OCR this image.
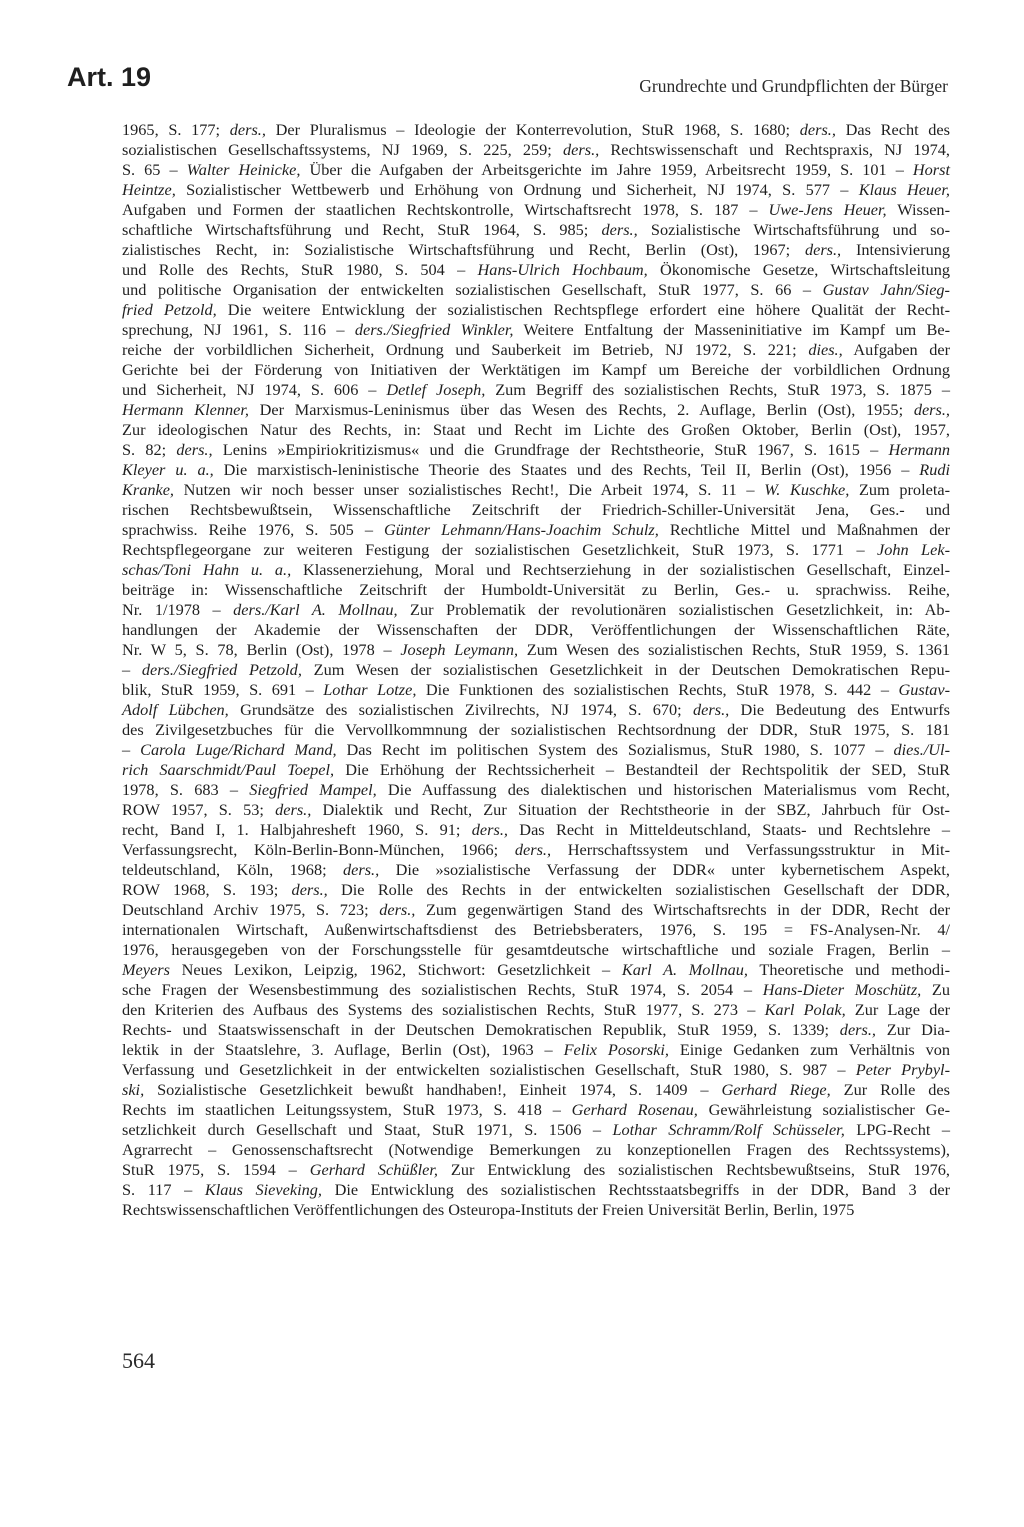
Art. 19	Grundrechte und Grundpflichten der Bürger
1965, S. 177; ders., Der Pluralismus – Ideologie der Konterrevolution, StuR 1968, S. 1680; ders., Das Recht des
sozialistischen Gesellschaftssystems, NJ 1969, S. 225, 259; ders., Rechtswissenschaft und Rechtspraxis, NJ 1974,
S. 65 – Walter Heinicke, Über die Aufgaben der Arbeitsgerichte im Jahre 1959, Arbeitsrecht 1959, S. 101 – Horst
Heintze, Sozialistischer Wettbewerb und Erhöhung von Ordnung und Sicherheit, NJ 1974, S. 577 – Klaus Heuer,
Aufgaben und Formen der staatlichen Rechtskontrolle, Wirtschaftsrecht 1978, S. 187 – Uwe-Jens Heuer, Wissen-
schaftliche Wirtschaftsführung und Recht, StuR 1964, S. 985; ders., Sozialistische Wirtschaftsführung und so-
zialistisches Recht, in: Sozialistische Wirtschaftsführung und Recht, Berlin (Ost), 1967; ders., Intensivierung
und Rolle des Rechts, StuR 1980, S. 504 – Hans-Ulrich Hochbaum, Ökonomische Gesetze, Wirtschaftsleitung
und politische Organisation der entwickelten sozialistischen Gesellschaft, StuR 1977, S. 66 – Gustav Jahn/Sieg-
fried Petzold, Die weitere Entwicklung der sozialistischen Rechtspflege erfordert eine höhere Qualität der Recht-
sprechung, NJ 1961, S. 116 – ders./Siegfried Winkler, Weitere Entfaltung der Masseninitiative im Kampf um Be-
reiche der vorbildlichen Sicherheit, Ordnung und Sauberkeit im Betrieb, NJ 1972, S. 221; dies., Aufgaben der
Gerichte bei der Förderung von Initiativen der Werktätigen im Kampf um Bereiche der vorbildlichen Ordnung
und Sicherheit, NJ 1974, S. 606 – Detlef Joseph, Zum Begriff des sozialistischen Rechts, StuR 1973, S. 1875 –
Hermann Klenner, Der Marxismus-Leninismus über das Wesen des Rechts, 2. Auflage, Berlin (Ost), 1955; ders.,
Zur ideologischen Natur des Rechts, in: Staat und Recht im Lichte des Großen Oktober, Berlin (Ost), 1957,
S. 82; ders., Lenins »Empiriokritizismus« und die Grundfrage der Rechtstheorie, StuR 1967, S. 1615 – Hermann
Kleyer u. a., Die marxistisch-leninistische Theorie des Staates und des Rechts, Teil II, Berlin (Ost), 1956 – Rudi
Kranke, Nutzen wir noch besser unser sozialistisches Recht!, Die Arbeit 1974, S. 11 – W. Kuschke, Zum proleta-
rischen Rechtsbewußtsein, Wissenschaftliche Zeitschrift der Friedrich-Schiller-Universität Jena, Ges.- und
sprachwiss. Reihe 1976, S. 505 – Günter Lehmann/Hans-Joachim Schulz, Rechtliche Mittel und Maßnahmen der
Rechtspflegeorgane zur weiteren Festigung der sozialistischen Gesetzlichkeit, StuR 1973, S. 1771 – John Lek-
schas/Toni Hahn u. a., Klassenerziehung, Moral und Rechtserziehung in der sozialistischen Gesellschaft, Einzel-
beiträge in: Wissenschaftliche Zeitschrift der Humboldt-Universität zu Berlin, Ges.- u. sprachwiss. Reihe,
Nr. 1/1978 – ders./Karl A. Mollnau, Zur Problematik der revolutionären sozialistischen Gesetzlichkeit, in: Ab-
handlungen der Akademie der Wissenschaften der DDR, Veröffentlichungen der Wissenschaftlichen Räte,
Nr. W 5, S. 78, Berlin (Ost), 1978 – Joseph Leymann, Zum Wesen des sozialistischen Rechts, StuR 1959, S. 1361
– ders./Siegfried Petzold, Zum Wesen der sozialistischen Gesetzlichkeit in der Deutschen Demokratischen Repu-
blik, StuR 1959, S. 691 – Lothar Lotze, Die Funktionen des sozialistischen Rechts, StuR 1978, S. 442 – Gustav-
Adolf Lübchen, Grundsätze des sozialistischen Zivilrechts, NJ 1974, S. 670; ders., Die Bedeutung des Entwurfs
des Zivilgesetzbuches für die Vervollkommnung der sozialistischen Rechtsordnung der DDR, StuR 1975, S. 181
– Carola Luge/Richard Mand, Das Recht im politischen System des Sozialismus, StuR 1980, S. 1077 – dies./Ul-
rich Saarschmidt/Paul Toepel, Die Erhöhung der Rechtssicherheit – Bestandteil der Rechtspolitik der SED, StuR
1978, S. 683 – Siegfried Mampel, Die Auffassung des dialektischen und historischen Materialismus vom Recht,
ROW 1957, S. 53; ders., Dialektik und Recht, Zur Situation der Rechtstheorie in der SBZ, Jahrbuch für Ost-
recht, Band I, 1. Halbjahresheft 1960, S. 91; ders., Das Recht in Mitteldeutschland, Staats- und Rechtslehre –
Verfassungsrecht, Köln-Berlin-Bonn-München, 1966; ders., Herrschaftssystem und Verfassungsstruktur in Mit-
teldeutschland, Köln, 1968; ders., Die »sozialistische Verfassung der DDR« unter kybernetischem Aspekt,
ROW 1968, S. 193; ders., Die Rolle des Rechts in der entwickelten sozialistischen Gesellschaft der DDR,
Deutschland Archiv 1975, S. 723; ders., Zum gegenwärtigen Stand des Wirtschaftsrechts in der DDR, Recht der
internationalen Wirtschaft, Außenwirtschaftsdienst des Betriebsberaters, 1976, S. 195 = FS-Analysen-Nr. 4/
1976, herausgegeben von der Forschungsstelle für gesamtdeutsche wirtschaftliche und soziale Fragen, Berlin –
Meyers Neues Lexikon, Leipzig, 1962, Stichwort: Gesetzlichkeit – Karl A. Mollnau, Theoretische und methodi-
sche Fragen der Wesensbestimmung des sozialistischen Rechts, StuR 1974, S. 2054 – Hans-Dieter Moschütz, Zu
den Kriterien des Aufbaus des Systems des sozialistischen Rechts, StuR 1977, S. 273 – Karl Polak, Zur Lage der
Rechts- und Staatswissenschaft in der Deutschen Demokratischen Republik, StuR 1959, S. 1339; ders., Zur Dia-
lektik in der Staatslehre, 3. Auflage, Berlin (Ost), 1963 – Felix Posorski, Einige Gedanken zum Verhältnis von
Verfassung und Gesetzlichkeit in der entwickelten sozialistischen Gesellschaft, StuR 1980, S. 987 – Peter Prybyl-
ski, Sozialistische Gesetzlichkeit bewußt handhaben!, Einheit 1974, S. 1409 – Gerhard Riege, Zur Rolle des
Rechts im staatlichen Leitungssystem, StuR 1973, S. 418 – Gerhard Rosenau, Gewährleistung sozialistischer Ge-
setzlichkeit durch Gesellschaft und Staat, StuR 1971, S. 1506 – Lothar Schramm/Rolf Schüsseler, LPG-Recht –
Agrarrecht – Genossenschaftsrecht (Notwendige Bemerkungen zu konzeptionellen Fragen des Rechtssystems),
StuR 1975, S. 1594 – Gerhard Schüßler, Zur Entwicklung des sozialistischen Rechtsbewußtseins, StuR 1976,
S. 117 – Klaus Sieveking, Die Entwicklung des sozialistischen Rechtsstaatsbegriffs in der DDR, Band 3 der
Rechtswissenschaftlichen Veröffentlichungen des Osteuropa-Instituts der Freien Universität Berlin, Berlin, 1975
564
